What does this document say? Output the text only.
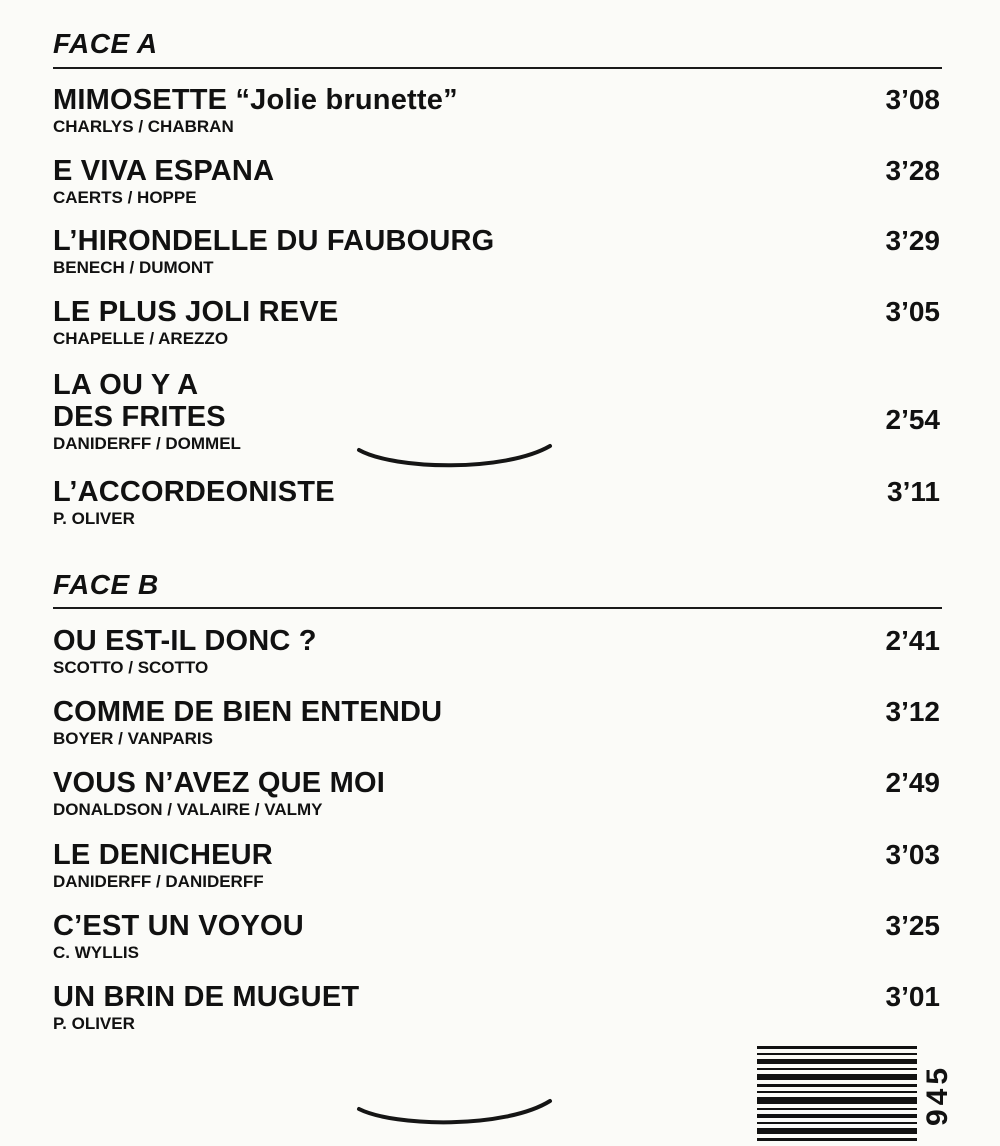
FACE A
MIMOSETTE “Jolie brunette”
CHARLYS / CHABRAN
3’08
E VIVA ESPANA
CAERTS / HOPPE
3’28
L’HIRONDELLE DU FAUBOURG
BENECH / DUMONT
3’29
LE PLUS JOLI REVE
CHAPELLE / AREZZO
3’05
LA OU Y A
DES FRITES
DANIDERFF / DOMMEL
2’54
L’ACCORDEONISTE
P. OLIVER
3’11
FACE B
OU EST-IL DONC ?
SCOTTO / SCOTTO
2’41
COMME DE BIEN ENTENDU
BOYER / VANPARIS
3’12
VOUS N’AVEZ QUE MOI
DONALDSON / VALAIRE / VALMY
2’49
LE DENICHEUR
DANIDERFF / DANIDERFF
3’03
C’EST UN VOYOU
C. WYLLIS
3’25
UN BRIN DE MUGUET
P. OLIVER
3’01
945
